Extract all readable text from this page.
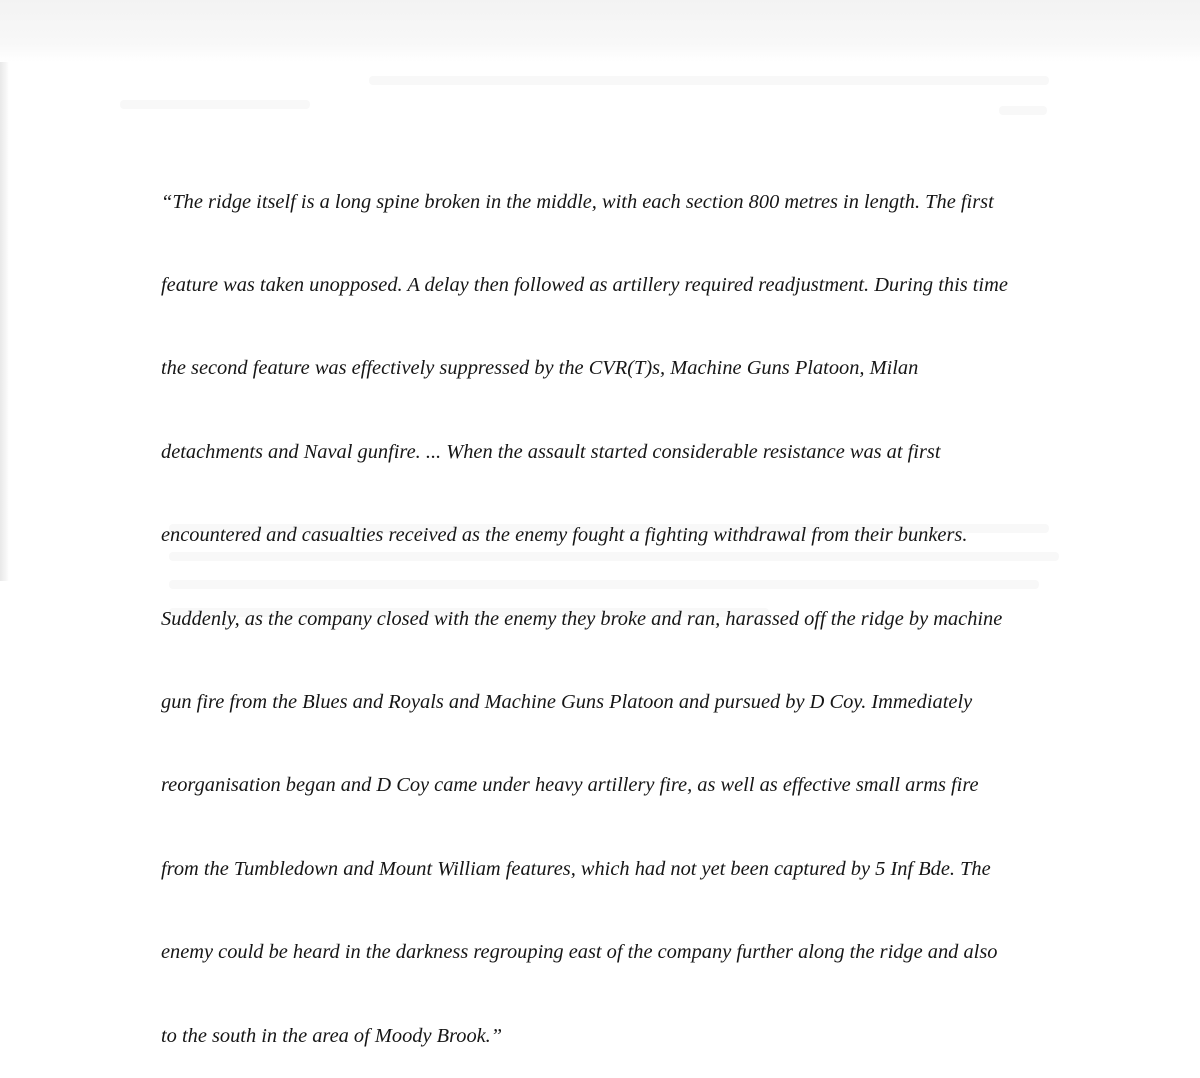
“The ridge itself is a long spine broken in the middle, with each section 800 metres in length. The first

feature was taken unopposed. A delay then followed as artillery required readjustment. During this time

the second feature was effectively suppressed by the CVR(T)s, Machine Guns Platoon, Milan

detachments and Naval gunfire. ... When the assault started considerable resistance was at first

encountered and casualties received as the enemy fought a fighting withdrawal from their bunkers.

Suddenly, as the company closed with the enemy they broke and ran, harassed off the ridge by machine

gun fire from the Blues and Royals and Machine Guns Platoon and pursued by D Coy. Immediately

reorganisation began and D Coy came under heavy artillery fire, as well as effective small arms fire

from the Tumbledown and Mount William features, which had not yet been captured by 5 Inf Bde. The

enemy could be heard in the darkness regrouping east of the company further along the ridge and also

to the south in the area of Moody Brook.”
